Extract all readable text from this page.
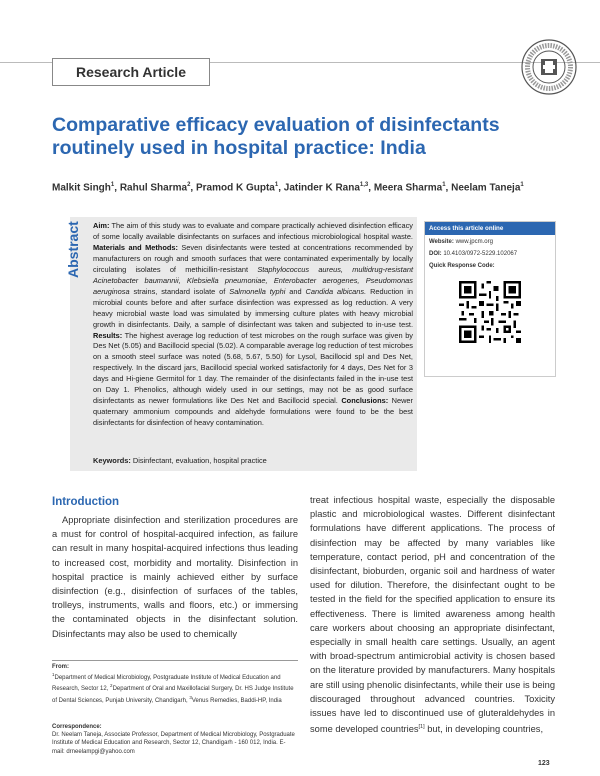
Research Article
Comparative efficacy evaluation of disinfectants routinely used in hospital practice: India
Malkit Singh$^1$, Rahul Sharma$^2$, Pramod K Gupta$^1$, Jatinder K Rana$^{1,3}$, Meera Sharma$^1$, Neelam Taneja$^1$
Abstract Aim: The aim of this study was to evaluate and compare practically achieved disinfection efficacy of some locally available disinfectants on surfaces and infectious microbiological hospital waste. Materials and Methods: Seven disinfectants were tested at concentrations recommended by manufacturers on rough and smooth surfaces that were contaminated experimentally by locally circulating isolates of methicillin-resistant Staphylococcus aureus, multidrug-resistant Acinetobacter baumannii, Klebsiella pneumoniae, Enterobacter aerogenes, Pseudomonas aeruginosa strains, standard isolate of Salmonella typhi and Candida albicans. Reduction in microbial counts before and after surface disinfection was expressed as log reduction. A very heavy microbial waste load was simulated by immersing culture plates with heavy microbial growth in disinfectants. Daily, a sample of disinfectant was taken and subjected to in-use test. Results: The highest average log reduction of test microbes on the rough surface was given by Des Net (5.05) and Bacillocid special (5.02). A comparable average log reduction of test microbes on a smooth steel surface was noted (5.68, 5.67, 5.50) for Lysol, Bacillocid spl and Des Net, respectively. In the discard jars, Bacillocid special worked satisfactorily for 4 days, Des Net for 3 days and Hi-giene Germitol for 1 day. The remainder of the disinfectants failed in the in-use test on Day 1. Phenolics, although widely used in our settings, may not be as good surface disinfectants as newer formulations like Des Net and Bacillocid special. Conclusions: Newer quaternary ammonium compounds and aldehyde formulations were found to be the best disinfectants for disinfection of heavy contamination.
Keywords: Disinfectant, evaluation, hospital practice
Access this article online
Website: www.jpcm.org
DOI: 10.4103/0972-5229.102067
Quick Response Code:
Introduction
Appropriate disinfection and sterilization procedures are a must for control of hospital-acquired infection, as failure can result in many hospital-acquired infections thus leading to increased cost, morbidity and mortality. Disinfection in hospital practice is mainly achieved either by surface disinfection (e.g., disinfection of surfaces of the tables, trolleys, instruments, walls and floors, etc.) or immersing the contaminated objects in the disinfectant solution. Disinfectants may also be used to chemically
treat infectious hospital waste, especially the disposable plastic and microbiological wastes. Different disinfectant formulations have different applications. The process of disinfection may be affected by many variables like temperature, contact period, pH and concentration of the disinfectant, bioburden, organic soil and hardness of water used for dilution. Therefore, the disinfectant ought to be tested in the field for the specified application to ensure its effectiveness. There is limited awareness among health care workers about choosing an appropriate disinfectant, especially in small health care settings. Usually, an agent with broad-spectrum antimicrobial activity is chosen based on the literature provided by manufacturers. Many hospitals are still using phenolic disinfectants, while their use is being discouraged throughout advanced countries. Toxicity issues have led to discontinued use of gluteraldehydes in some developed countries[1] but, in developing countries,
From:
$^1$Department of Medical Microbiology, Postgraduate Institute of Medical Education and Research, Sector 12, $^2$Department of Oral and Maxillofacial Surgery, Dr. HS Judge Institute of Dental Sciences, Punjab University, Chandigarh, $^3$Venus Remedies, Baddi-HP, India
Correspondence:
Dr. Neelam Taneja, Associate Professor, Department of Medical Microbiology, Postgraduate Institute of Medical Education and Research, Sector 12, Chandigarh - 160 012, India. E-mail: drneelampgi@yahoo.com
123
